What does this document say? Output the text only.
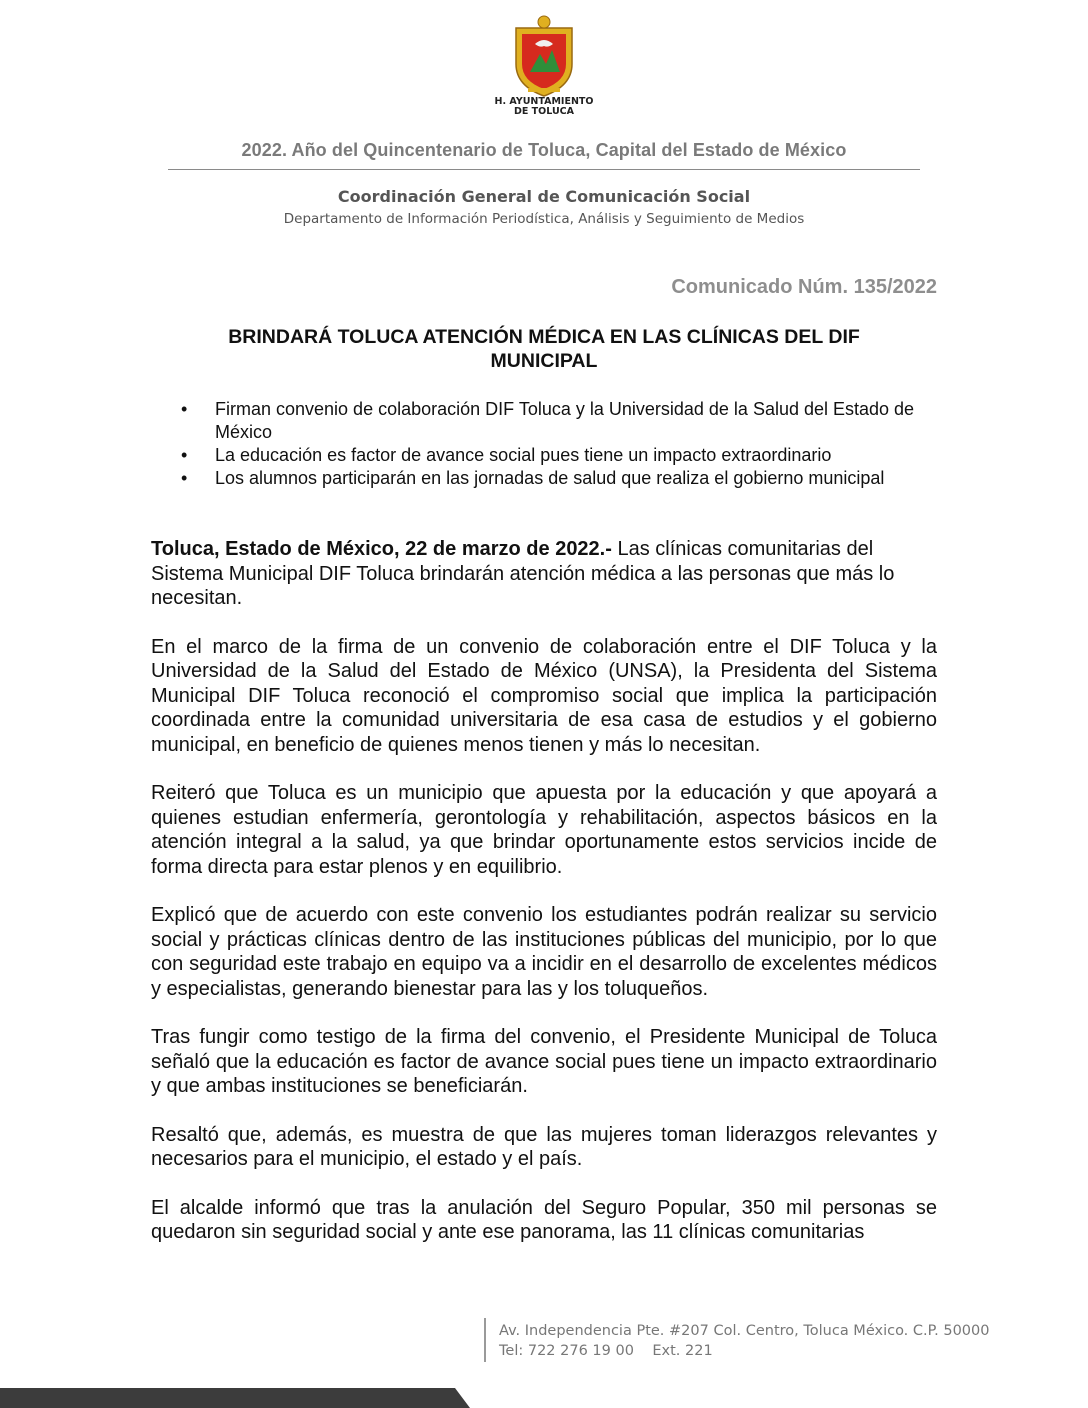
H. AYUNTAMIENTO
DE TOLUCA
2022. Año del Quincentenario de Toluca, Capital del Estado de México
Coordinación General de Comunicación Social
Departamento de Información Periodística, Análisis y Seguimiento de Medios
Comunicado Núm. 135/2022
BRINDARÁ TOLUCA ATENCIÓN MÉDICA EN LAS CLÍNICAS DEL DIF MUNICIPAL
• Firman convenio de colaboración DIF Toluca y la Universidad de la Salud del Estado de México
• La educación es factor de avance social pues tiene un impacto extraordinario
• Los alumnos participarán en las jornadas de salud que realiza el gobierno municipal

Toluca, Estado de México, 22 de marzo de 2022.- Las clínicas comunitarias del Sistema Municipal DIF Toluca brindarán atención médica a las personas que más lo necesitan.

En el marco de la firma de un convenio de colaboración entre el DIF Toluca y la Universidad de la Salud del Estado de México (UNSA), la Presidenta del Sistema Municipal DIF Toluca reconoció el compromiso social que implica la participación coordinada entre la comunidad universitaria de esa casa de estudios y el gobierno municipal, en beneficio de quienes menos tienen y más lo necesitan.

Reiteró que Toluca es un municipio que apuesta por la educación y que apoyará a quienes estudian enfermería, gerontología y rehabilitación, aspectos básicos en la atención integral a la salud, ya que brindar oportunamente estos servicios incide de forma directa para estar plenos y en equilibrio.

Explicó que de acuerdo con este convenio los estudiantes podrán realizar su servicio social y prácticas clínicas dentro de las instituciones públicas del municipio, por lo que con seguridad este trabajo en equipo va a incidir en el desarrollo de excelentes médicos y especialistas, generando bienestar para las y los toluqueños.

Tras fungir como testigo de la firma del convenio, el Presidente Municipal de Toluca señaló que la educación es factor de avance social pues tiene un impacto extraordinario y que ambas instituciones se beneficiarán.

Resaltó que, además, es muestra de que las mujeres toman liderazgos relevantes y necesarios para el municipio, el estado y el país.

El alcalde informó que tras la anulación del Seguro Popular, 350 mil personas se quedaron sin seguridad social y ante ese panorama, las 11 clínicas comunitarias

Av. Independencia Pte. #207 Col. Centro, Toluca México. C.P. 50000
Tel: 722 276 19 00    Ext. 221
